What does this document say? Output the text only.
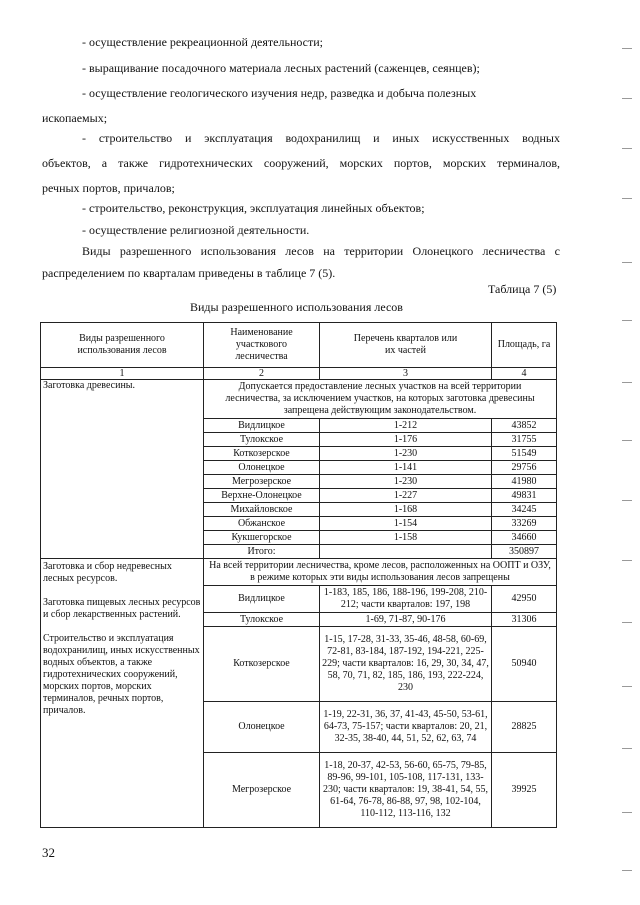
- осуществление рекреационной деятельности;
- выращивание посадочного материала лесных растений (саженцев, сеянцев);
- осуществление геологического изучения недр, разведка и добыча полезных
ископаемых;
- строительство и эксплуатация водохранилищ и иных искусственных водных
объектов, а также гидротехнических сооружений, морских портов, морских терминалов,
речных портов, причалов;
- строительство, реконструкция, эксплуатация линейных объектов;
- осуществление религиозной деятельности.
Виды разрешенного использования лесов на территории Олонецкого лесничества с
распределением по кварталам приведены в таблице 7 (5).
Таблица 7 (5)
Виды разрешенного использования лесов
Виды разрешенного использования лесов	Наименование участкового лесничества	Перечень кварталов или их частей	Площадь, га
1	2	3	4
Заготовка древесины.	Допускается предоставление лесных участков на всей территории лесничества, за исключением участков, на которых заготовка древесины запрещена действующим законодательством.		
	Видлицкое	1-212	43852
	Тулокское	1-176	31755
	Коткозерское	1-230	51549
	Олонецкое	1-141	29756
	Мегрозерское	1-230	41980
	Верхне-Олонецкое	1-227	49831
	Михайловское	1-168	34245
	Обжанское	1-154	33269
	Кукшегорское	1-158	34660
	Итого:		350897

Заготовка и сбор недревесных лесных ресурсов.
Заготовка пищевых лесных ресурсов и сбор лекарственных растений.
Строительство и эксплуатация водохранилищ, иных искусственных водных объектов, а также гидротехнических сооружений, морских портов, морских терминалов, речных портов, причалов.	На всей территории лесничества, кроме лесов, расположенных на ООПТ и ОЗУ, в режиме которых эти виды использования лесов запрещены		
	Видлицкое	1-183, 185, 186, 188-196, 199-208, 210-212; части кварталов: 197, 198	42950
	Тулокское	1-69, 71-87, 90-176	31306
	Коткозерское	1-15, 17-28, 31-33, 35-46, 48-58, 60-69, 72-81, 83-184, 187-192, 194-221, 225-229; части кварталов: 16, 29, 30, 34, 47, 58, 70, 71, 82, 185, 186, 193, 222-224, 230	50940
	Олонецкое	1-19, 22-31, 36, 37, 41-43, 45-50, 53-61, 64-73, 75-157; части кварталов: 20, 21, 32-35, 38-40, 44, 51, 52, 62, 63, 74	28825
	Мегрозерское	1-18, 20-37, 42-53, 56-60, 65-75, 79-85, 89-96, 99-101, 105-108, 117-131, 133-230; части кварталов: 19, 38-41, 54, 55, 61-64, 76-78, 86-88, 97, 98, 102-104, 110-112, 113-116, 132	39925
32
